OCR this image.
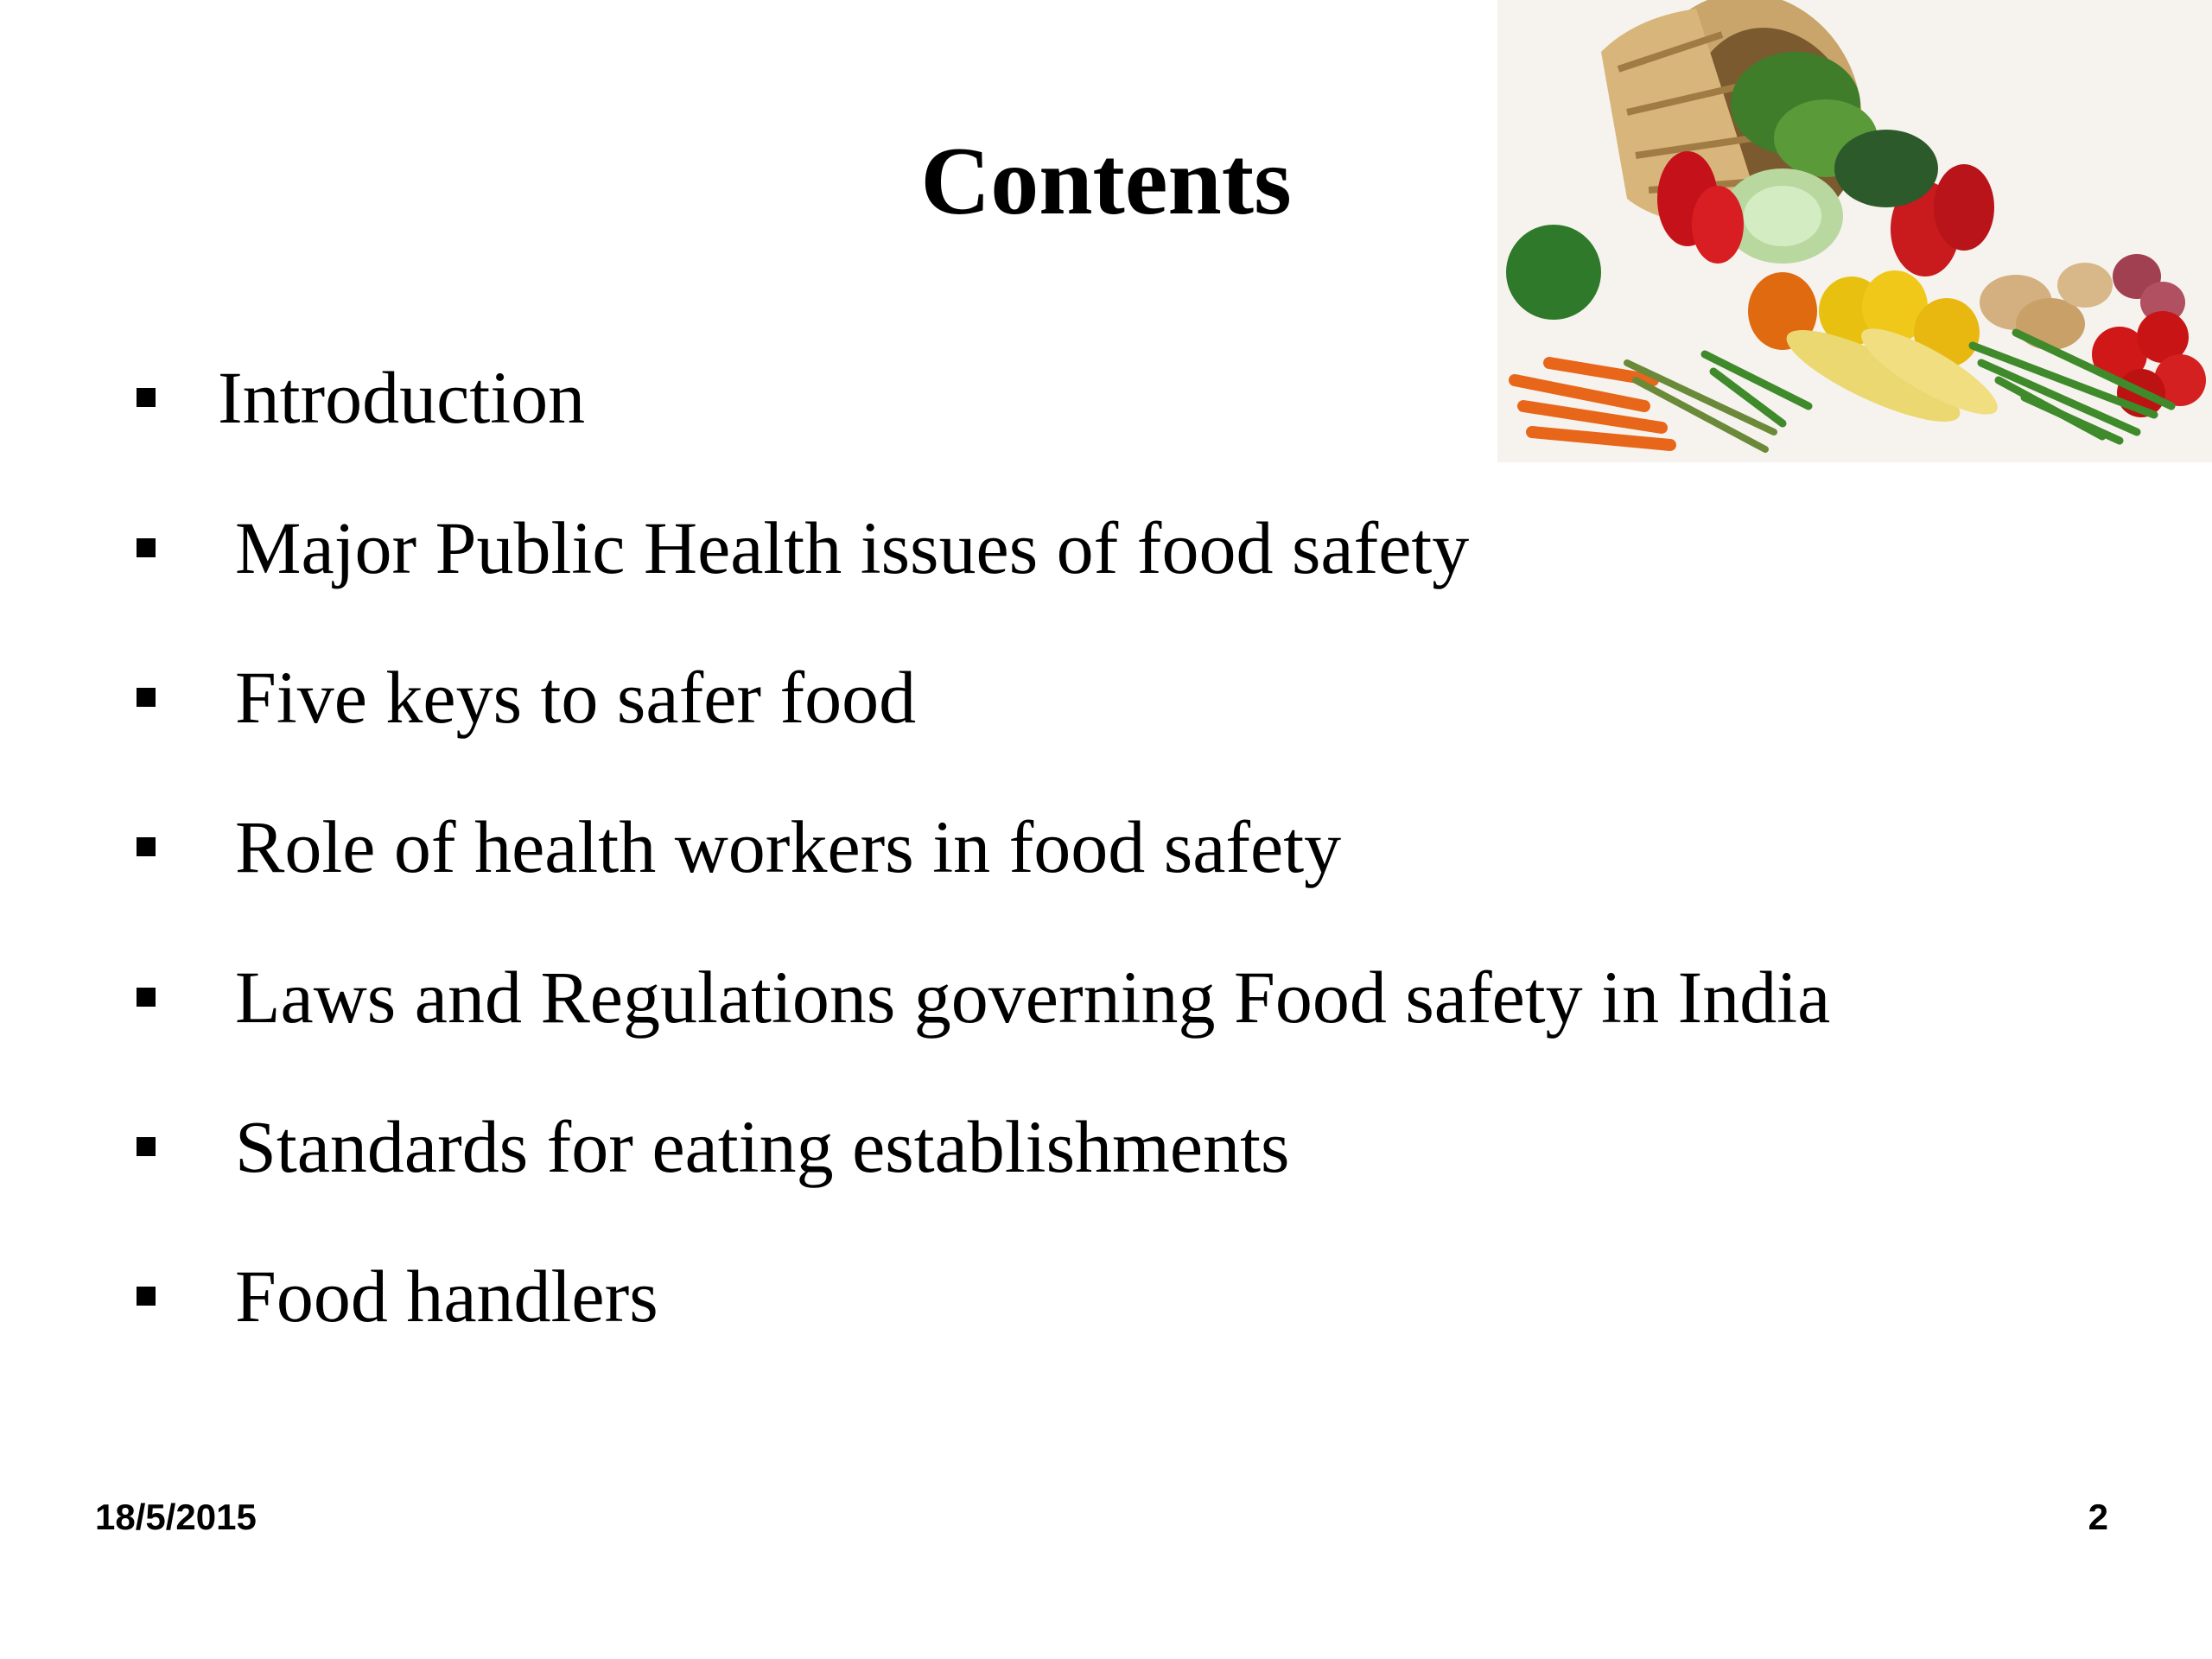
Contents
Introduction
Major Public Health issues of food safety
Five keys to safer food
Role of health workers in food safety
Laws and Regulations governing Food safety in India
Standards for eating establishments
Food handlers
18/5/2015	2
